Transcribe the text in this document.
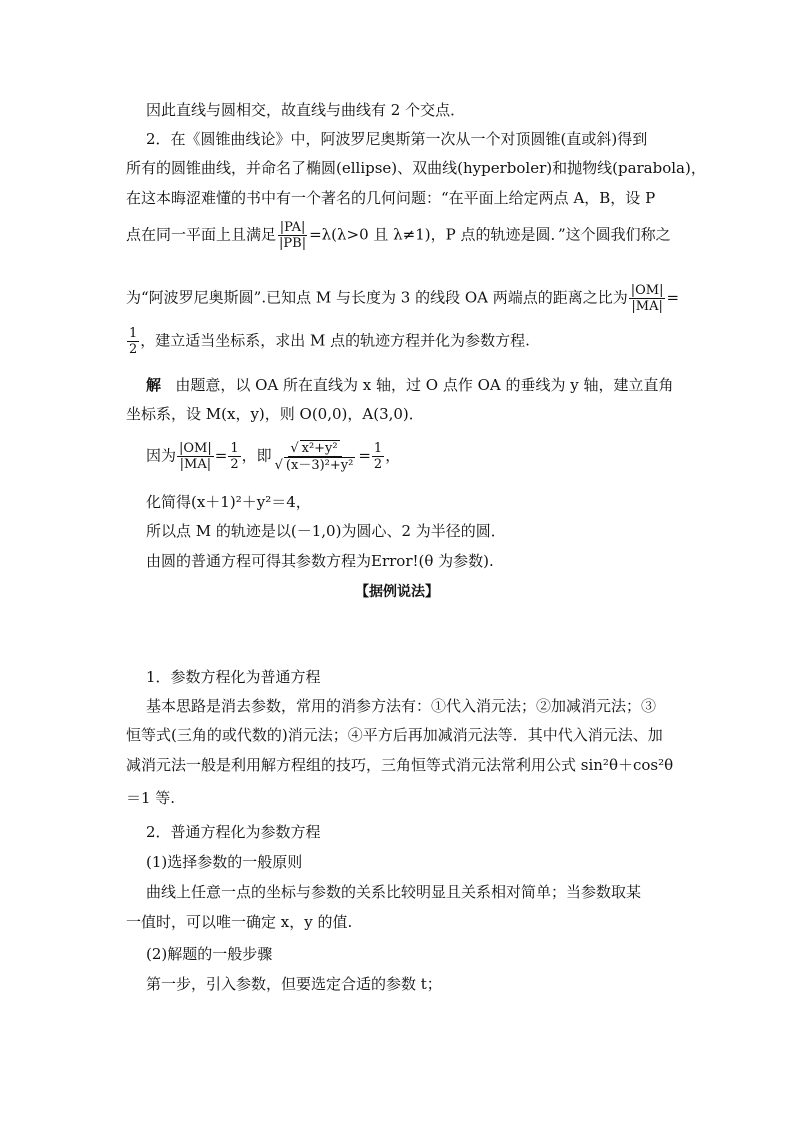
因此直线与圆相交，故直线与曲线有 2 个交点．
2．在《圆锥曲线论》中，阿波罗尼奥斯第一次从一个对顶圆锥(直或斜)得到
所有的圆锥曲线，并命名了椭圆(ellipse)、双曲线(hyperboler)和抛物线(parabola)，
在这本晦涩难懂的书中有一个著名的几何问题：“在平面上给定两点 A，B，设 P
点在同一平面上且满足 $\frac{|PA|}{|PB|} =\lambda(\lambda>0$ 且 λ≠1)，P 点的轨迹是圆．”这个圆我们称之
为“阿波罗尼奥斯圆”.已知点 M 与长度为 3 的线段 OA 两端点的距离之比为 $\frac{|OM|}{|MA|}$ =
$\frac{1}{2}$ ，建立适当坐标系，求出 M 点的轨迹方程并化为参数方程.
解 由题意，以 OA 所在直线为 x 轴，过 O 点作 OA 的垂线为 y 轴，建立直角
坐标系，设 M(x，y)，则 O(0,0)，A(3,0)．
因为 $\frac{|OM|}{|MA|} = \frac{1}{2}$ ，即 $\frac{\text{√ x²+y²}}{\text{√ (x－3)²+y²}} = \frac{1}{2}$ ，
化简得(x＋1)²＋y²＝4，
所以点 M 的轨迹是以(－1,0)为圆心、2 为半径的圆．
由圆的普通方程可得其参数方程为Error!(θ 为参数).
【据例说法】
1．参数方程化为普通方程
基本思路是消去参数，常用的消参方法有：①代入消元法；②加减消元法；③
恒等式(三角的或代数的)消元法；④平方后再加减消元法等．其中代入消元法、加
减消元法一般是利用解方程组的技巧，三角恒等式消元法常利用公式 sin²θ＋cos²θ
＝1 等.
2．普通方程化为参数方程
(1)选择参数的一般原则
曲线上任意一点的坐标与参数的关系比较明显且关系相对简单；当参数取某
一值时，可以唯一确定 x，y 的值.
(2)解题的一般步骤
第一步，引入参数，但要选定合适的参数 t；
